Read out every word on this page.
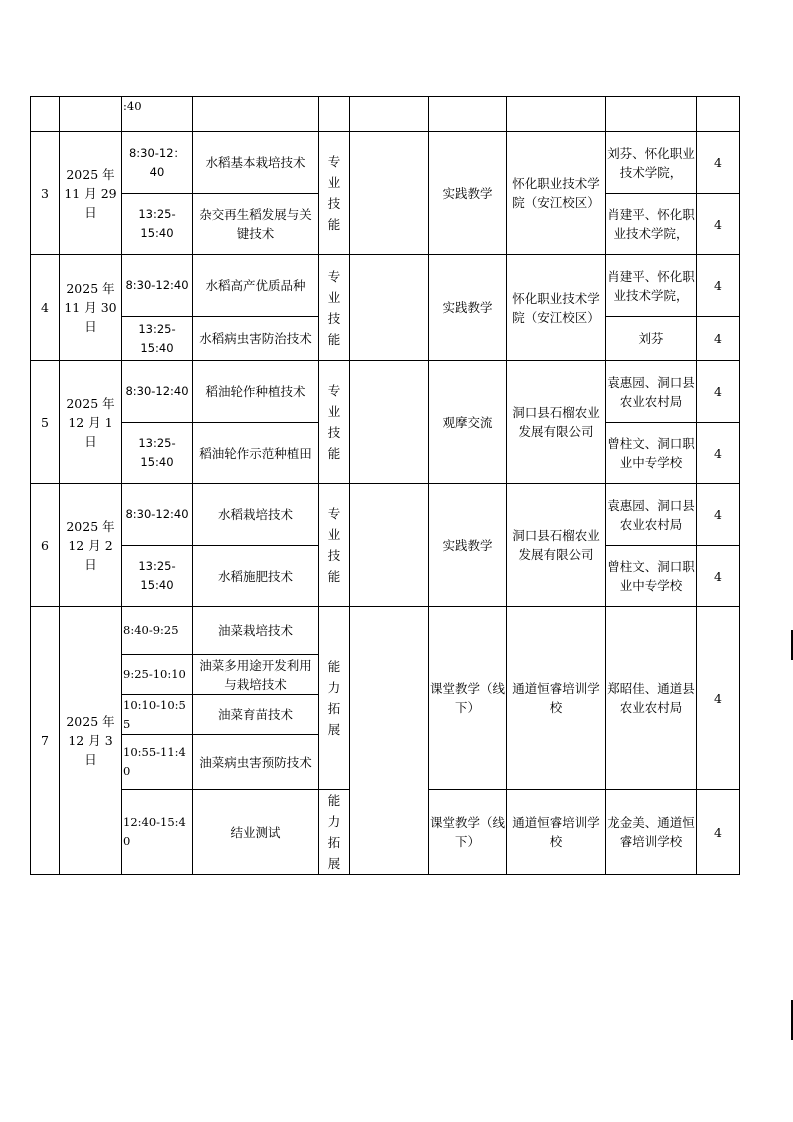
		:40							
3	2025 年 11 月 29 日	8:30-12：40	水稻基本栽培技术	专业技能		实践教学	怀化职业技术学院（安江校区）	刘芬、怀化职业技术学院，	4
		13:25-15:40	杂交再生稻发展与关键技术					肖建平、怀化职业技术学院，	4
4	2025 年 11 月 30 日	8:30-12:40	水稻高产优质品种	专业技能		实践教学	怀化职业技术学院（安江校区）	肖建平、怀化职业技术学院，	4
		13:25-15:40	水稻病虫害防治技术					刘芬	4
5	2025 年 12 月 1 日	8:30-12:40	稻油轮作种植技术	专业技能		观摩交流	洞口县石榴农业发展有限公司	袁惠园、洞口县农业农村局	4
		13:25-15:40	稻油轮作示范种植田					曾柱文、洞口职业中专学校	4
6	2025 年 12 月 2 日	8:30-12:40	水稻栽培技术	专业技能		实践教学	洞口县石榴农业发展有限公司	袁惠园、洞口县农业农村局	4
		13:25-15:40	水稻施肥技术					曾柱文、洞口职业中专学校	4
7	2025 年 12 月 3 日	8:40-9:25	油菜栽培技术	能力拓展		课堂教学（线下）	通道恒睿培训学校	郑昭佳、通道县农业农村局	4
		9:25-10:10	油菜多用途开发利用与栽培技术						
		10:10-10:55	油菜育苗技术						
		10:55-11:40	油菜病虫害预防技术						
		12:40-15:40	结业测试	能力拓展		课堂教学（线下）	通道恒睿培训学校	龙金美、通道恒睿培训学校	4
